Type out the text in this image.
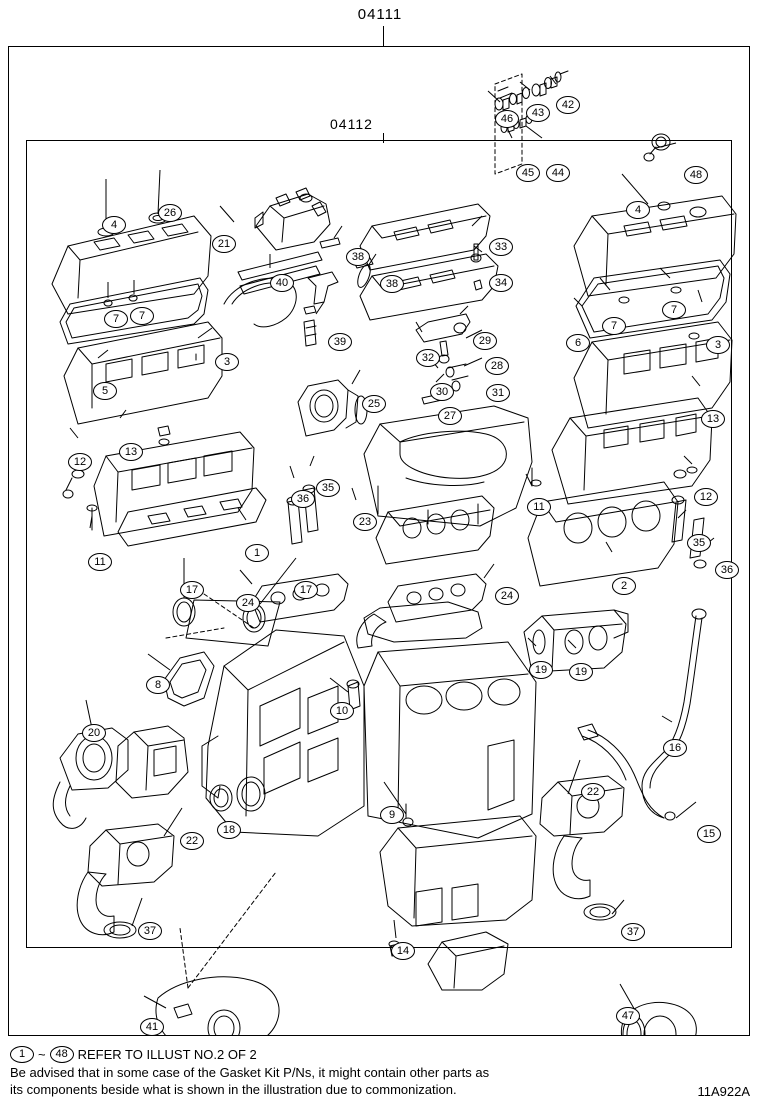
04111
04112
4
26
21
46	43
42
45	44	48
4
38
33
40	38	34
7	7
7
7
6	3
39	29
32
28
3
30	31
5
27
25
13
13
12
12
11
35
36
23
1
11
35
2
36
24
24
17	17
19	19
8
10
16
20
18
9
22
22
15
37	37
14
41
47
1 ~ 48 REFER TO ILLUST NO.2 OF 2
Be advised that in some case of the Gasket Kit P/Ns, it might contain other parts as
its components beside what is shown in the illustration due to commonization.	11A922A
